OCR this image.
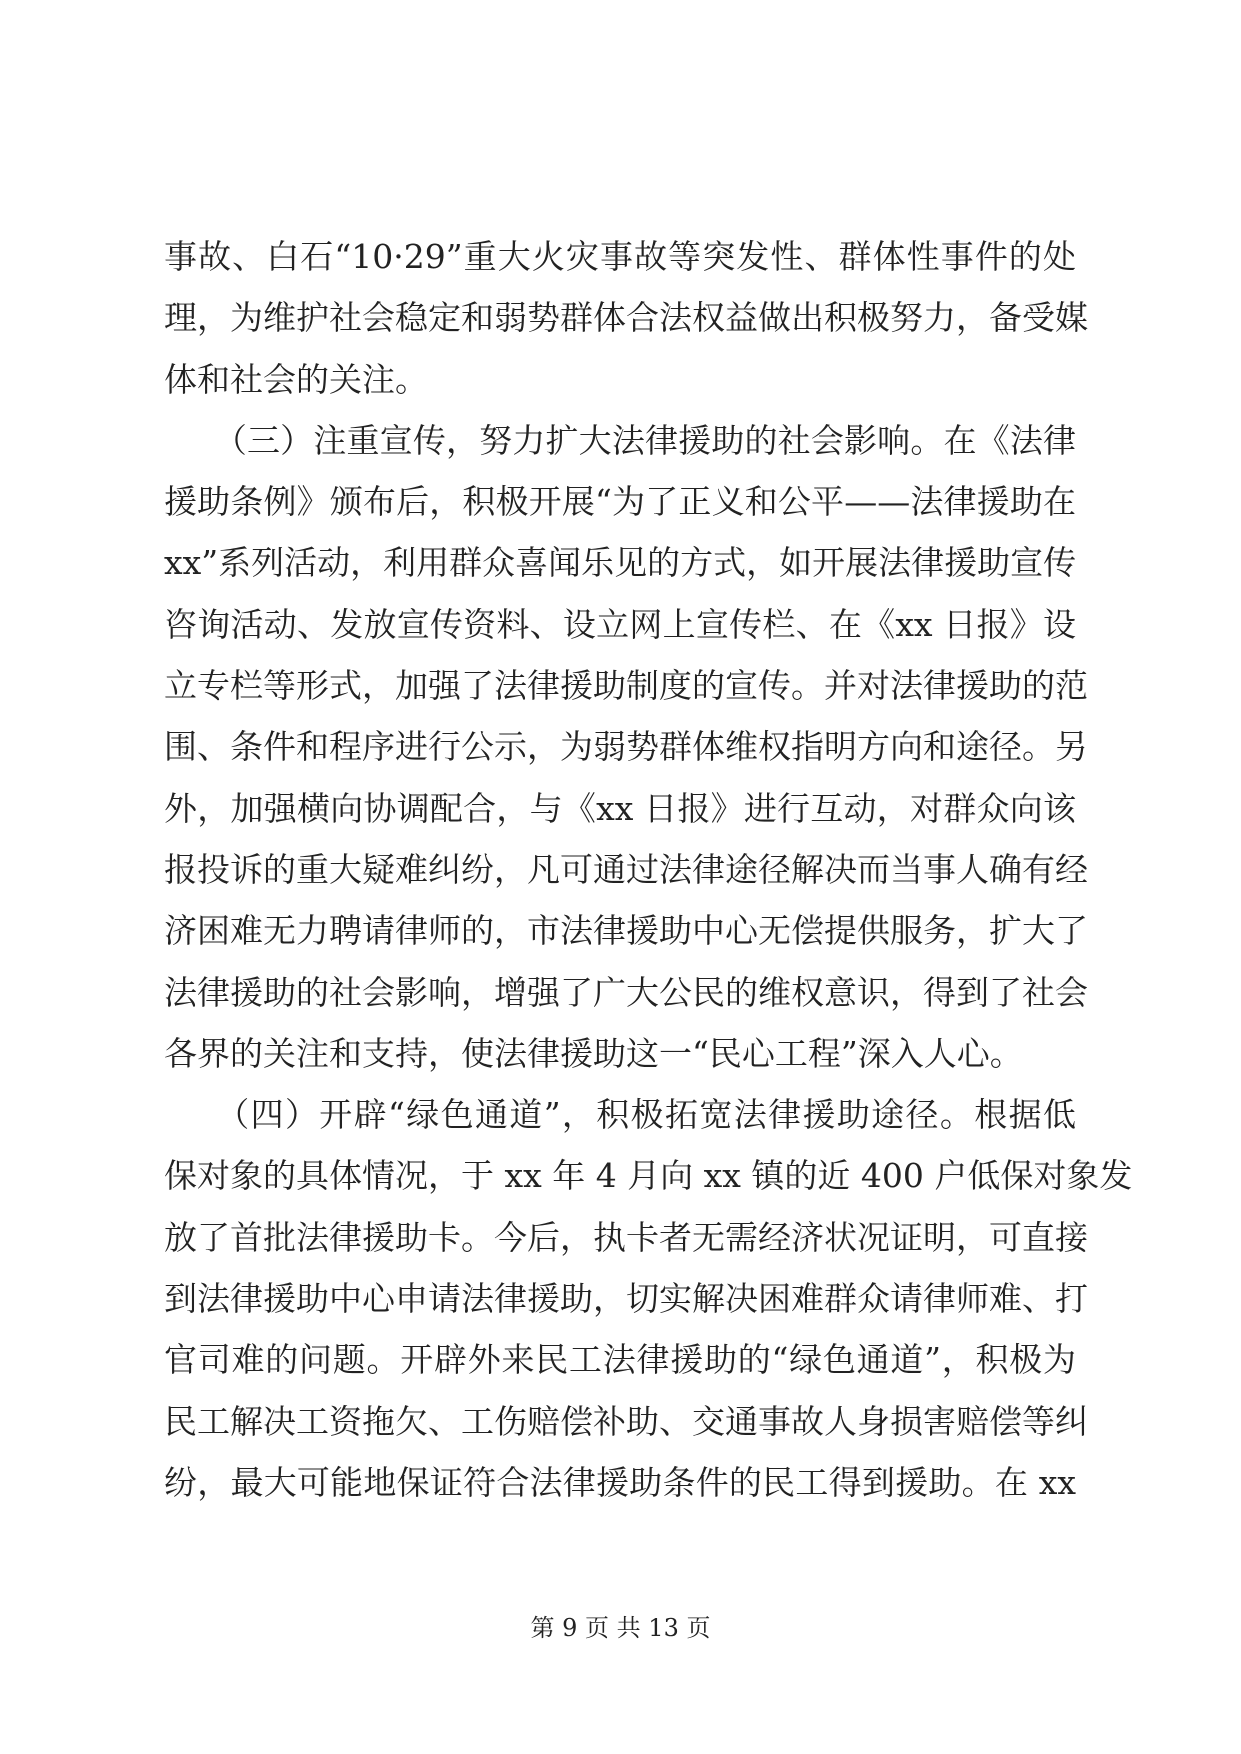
事故、白石“10·29”重大火灾事故等突发性、群体性事件的处
理，为维护社会稳定和弱势群体合法权益做出积极努力，备受媒
体和社会的关注。
　　（三）注重宣传，努力扩大法律援助的社会影响。在《法律
援助条例》颁布后，积极开展“为了正义和公平——法律援助在
xx”系列活动，利用群众喜闻乐见的方式，如开展法律援助宣传
咨询活动、发放宣传资料、设立网上宣传栏、在《xx 日报》设
立专栏等形式，加强了法律援助制度的宣传。并对法律援助的范
围、条件和程序进行公示，为弱势群体维权指明方向和途径。另
外，加强横向协调配合，与《xx 日报》进行互动，对群众向该
报投诉的重大疑难纠纷，凡可通过法律途径解决而当事人确有经
济困难无力聘请律师的，市法律援助中心无偿提供服务，扩大了
法律援助的社会影响，增强了广大公民的维权意识，得到了社会
各界的关注和支持，使法律援助这一“民心工程”深入人心。
　　（四）开辟“绿色通道”，积极拓宽法律援助途径。根据低
保对象的具体情况，于 xx 年 4 月向 xx 镇的近 400 户低保对象发
放了首批法律援助卡。今后，执卡者无需经济状况证明，可直接
到法律援助中心申请法律援助，切实解决困难群众请律师难、打
官司难的问题。开辟外来民工法律援助的“绿色通道”，积极为
民工解决工资拖欠、工伤赔偿补助、交通事故人身损害赔偿等纠
纷，最大可能地保证符合法律援助条件的民工得到援助。在 xx
第 9 页 共 13 页
